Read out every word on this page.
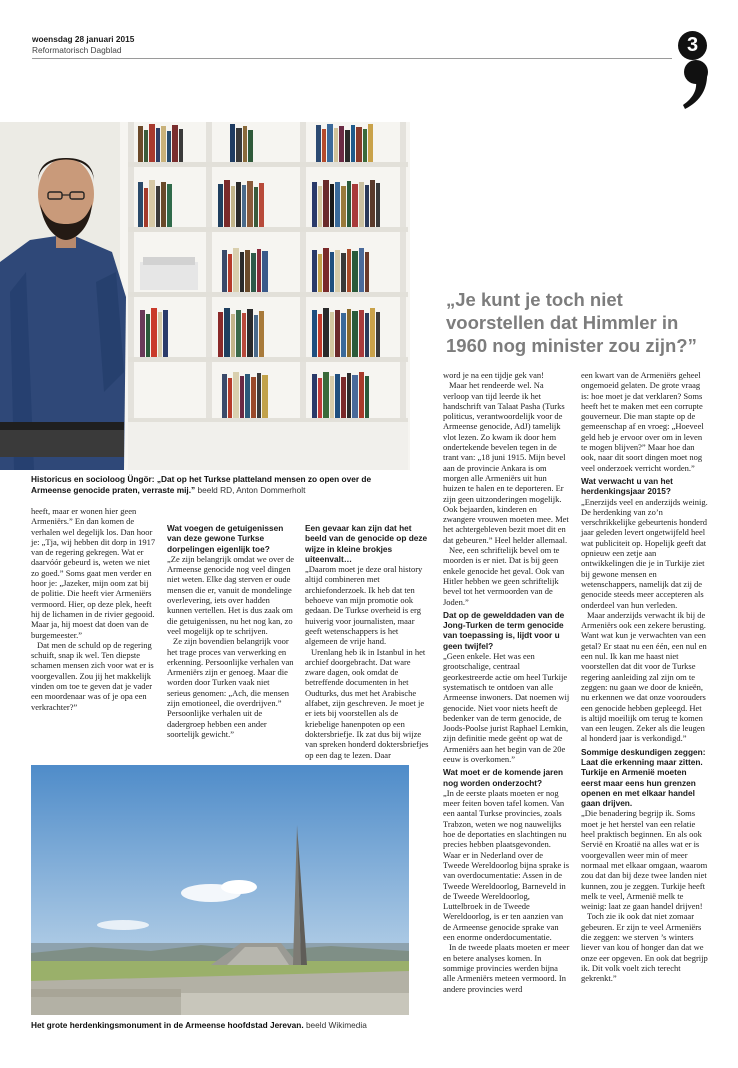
woensdag 28 januari 2015
Reformatorisch Dagblad	3
Historicus en socioloog Üngör: „Dat op het Turkse platteland mensen zo open over de Armeense genocide praten, verraste mij.” beeld RD, Anton Dommerholt
„Je kunt je toch niet voorstellen dat Himmler in 1960 nog minister zou zijn?”

heeft, maar er wonen hier geen Armeniërs.” En dan komen de verhalen wel degelijk los. Dan hoor je: „Tja, wij hebben dit dorp in 1917 van de regering gekregen. Wat er daarvóór gebeurd is, weten we niet zo goed.” Soms gaat men verder en hoor je: „Jazeker, mijn oom zat bij de politie. Die heeft vier Armeniërs vermoord. Hier, op deze plek, heeft hij de lichamen in de rivier gegooid. Maar ja, hij moest dat doen van de burgemeester.”

Dat men de schuld op de regering schuift, snap ik wel. Ten diepste schamen mensen zich voor wat er is voorgevallen. Zou jij het makkelijk vinden om toe te geven dat je vader een moordenaar was of je opa een verkrachter?”

Wat voegen de getuigenissen van deze gewone Turkse dorpelingen eigenlijk toe?

„Ze zijn belangrijk omdat we over de Armeense genocide nog veel dingen niet weten. Elke dag sterven er oude mensen die er, vanuit de mondelinge overlevering, iets over hadden kunnen vertellen. Het is dus zaak om die getuigenissen, nu het nog kan, zo veel mogelijk op te schrijven.

Ze zijn bovendien belangrijk voor het trage proces van verwerking en erkenning. Persoonlijke verhalen van Armeniërs zijn er genoeg. Maar die worden door Turken vaak niet serieus genomen: „Ach, die mensen zijn emotioneel, die overdrijven.” Persoonlijke verhalen uit de dadergroep hebben een ander soortelijk gewicht.”

Een gevaar kan zijn dat het beeld van de genocide op deze wijze in kleine brokjes uiteenvalt…

„Daarom moet je deze oral history altijd combineren met archiefonderzoek. Ik heb dat ten behoeve van mijn promotie ook gedaan. De Turkse overheid is erg huiverig voor journalisten, maar geeft wetenschappers is het algemeen de vrije hand.

Urenlang heb ik in Istanbul in het archief doorgebracht. Dat ware zware dagen, ook omdat de betreffende documenten in het Oudturks, dus met het Arabische alfabet, zijn geschreven. Je moet je er iets bij voorstellen als de kriebelige hanenpoten op een doktersbriefje. Ik zat dus bij wijze van spreken honderd doktersbriefjes op een dag te lezen. Daar

Het grote herdenkingsmonument in de Armeense hoofdstad Jerevan. beeld Wikimedia

word je na een tijdje gek van!

Maar het rendeerde wel. Na verloop van tijd leerde ik het handschrift van Talaat Pasha (Turks politicus, verantwoordelijk voor de Armeense genocide, AdJ) tamelijk vlot lezen. Zo kwam ik door hem ondertekende bevelen tegen in de trant van: „18 juni 1915. Mijn bevel aan de provincie Ankara is om morgen alle Armeniërs uit hun huizen te halen en te deporteren. Er zijn geen uitzonderingen mogelijk. Ook bejaarden, kinderen en zwangere vrouwen moeten mee. Met het achtergebleven bezit moet dit en dat gebeuren.” Heel helder allemaal.

Nee, een schriftelijk bevel om te moorden is er niet. Dat is bij geen enkele genocide het geval. Ook van Hitler hebben we geen schriftelijk bevel tot het vermoorden van de Joden.”

Dat op de gewelddaden van de Jong-Turken de term genocide van toepassing is, lijdt voor u geen twijfel?

„Geen enkele. Het was een grootschalige, centraal georkestreerde actie om heel Turkije systematisch te ontdoen van alle Armeense inwoners. Dat noemen wij genocide. Niet voor niets heeft de bedenker van de term genocide, de Joods-Poolse jurist Raphael Lemkin, zijn definitie mede geënt op wat de Armeniërs aan het begin van de 20e eeuw is overkomen.”

Wat moet er de komende jaren nog worden onderzocht?

„In de eerste plaats moeten er nog meer feiten boven tafel komen. Van een aantal Turkse provincies, zoals Trabzon, weten we nog nauwelijks hoe de deportaties en slachtingen nu precies hebben plaatsgevonden. Waar er in Nederland over de Tweede Wereldoorlog bijna sprake is van overdocumentatie: Assen in de Tweede Wereldoorlog, Barneveld in de Tweede Wereldoorlog, Luttelbroek in de Tweede Wereldoorlog, is er ten aanzien van de Armeense genocide sprake van een enorme onderdocumentatie.

In de tweede plaats moeten er meer en betere analyses komen. In sommige provincies werden bijna alle Armeniërs meteen vermoord. In andere provincies werd

een kwart van de Armeniërs geheel ongemoeid gelaten. De grote vraag is: hoe moet je dat verklaren? Soms heeft het te maken met een corrupte gouverneur. Die man stapte op de gemeenschap af en vroeg: „Hoeveel geld heb je ervoor over om in leven te mogen blijven?” Maar hoe dan ook, naar dit soort dingen moet nog veel onderzoek verricht worden.”

Wat verwacht u van het herdenkingsjaar 2015?

„Enerzijds veel en anderzijds weinig. De herdenking van zo’n verschrikkelijke gebeurtenis honderd jaar geleden levert ongetwijfeld heel wat publiciteit op. Hopelijk geeft dat opnieuw een zetje aan ontwikkelingen die je in Turkije ziet bij gewone mensen en wetenschappers, namelijk dat zij de genocide steeds meer accepteren als onderdeel van hun verleden.

Maar anderzijds verwacht ik bij de Armeniërs ook een zekere berusting. Want wat kun je verwachten van een getal? Er staat nu een één, een nul en een nul. Ik kan me haast niet voorstellen dat dit voor de Turkse regering aanleiding zal zijn om te zeggen: nu gaan we door de knieën, nu erkennen we dat onze voorouders een genocide hebben gepleegd. Het is altijd moeilijk om terug te komen van een leugen. Zeker als die leugen al honderd jaar is verkondigd.”

Sommige deskundigen zeggen: Laat die erkenning maar zitten. Turkije en Armenië moeten eerst maar eens hun grenzen openen en met elkaar handel gaan drijven.

„Die benadering begrijp ik. Soms moet je het herstel van een relatie heel praktisch beginnen. En als ook Servië en Kroatië na alles wat er is voorgevallen weer min of meer normaal met elkaar omgaan, waarom zou dat dan bij deze twee landen niet kunnen, zou je zeggen. Turkije heeft melk te veel, Armenië melk te weinig: laat ze gaan handel drijven!

Toch zie ik ook dat niet zomaar gebeuren. Er zijn te veel Armeniërs die zeggen: we sterven ’s winters liever van kou of honger dan dat we onze eer opgeven. En ook dat begrijp ik. Dit volk voelt zich terecht gekrenkt.”
